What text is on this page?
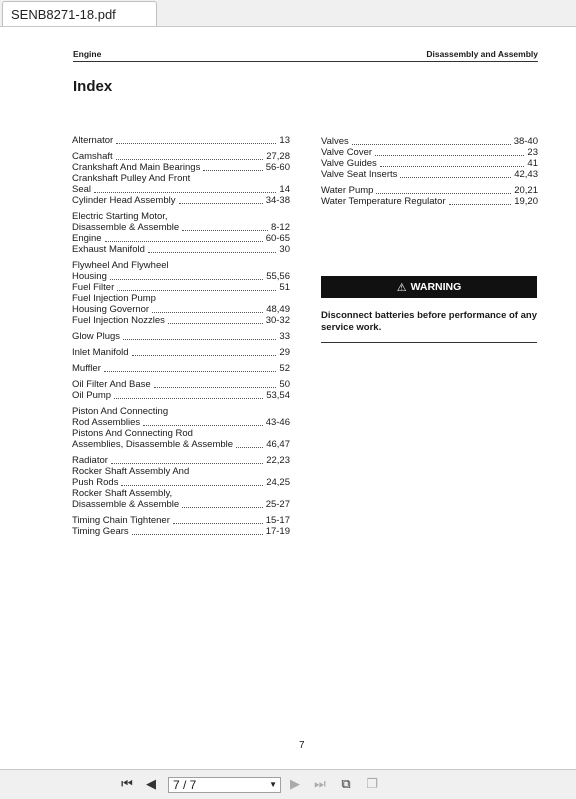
SENB8271-18.pdf
Engine	Disassembly and Assembly
Index
Alternator	13
Camshaft	27,28
Crankshaft And Main Bearings	56-60
Crankshaft Pulley And Front
Seal	14
Cylinder Head Assembly	34-38
Electric Starting Motor,
Disassemble & Assemble	8-12
Engine	60-65
Exhaust Manifold	30
Flywheel And Flywheel
Housing	55,56
Fuel Filter	51
Fuel Injection Pump
Housing Governor	48,49
Fuel Injection Nozzles	30-32
Glow Plugs	33
Inlet Manifold	29
Muffler	52
Oil Filter And Base	50
Oil Pump	53,54
Piston And Connecting
Rod Assemblies	43-46
Pistons And Connecting Rod
Assemblies, Disassemble & Assemble	46,47
Radiator	22,23
Rocker Shaft Assembly And
Push Rods	24,25
Rocker Shaft Assembly,
Disassemble & Assemble	25-27
Timing Chain Tightener	15-17
Timing Gears	17-19
Valves	38-40
Valve Cover	23
Valve Guides	41
Valve Seat Inserts	42,43
Water Pump	20,21
Water Temperature Regulator	19,20
⚠ WARNING
Disconnect batteries before performance of any service work.
7
⏮ ◀	7 / 7	▼ ▶ ⏭ ⧉ ❐
